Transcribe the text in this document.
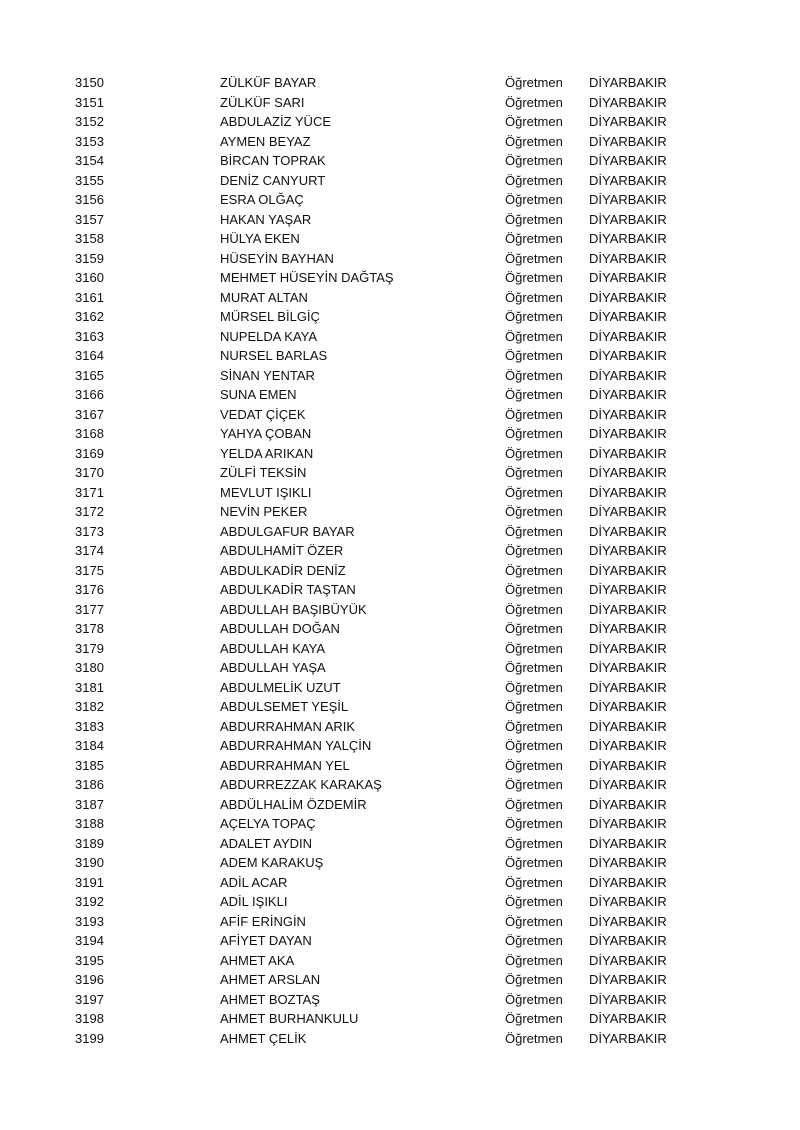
3150	ZÜLKÜF BAYAR	Öğretmen DİYARBAKIR
3151	ZÜLKÜF SARI	Öğretmen DİYARBAKIR
3152	ABDULAZİZ YÜCE	Öğretmen DİYARBAKIR
3153	AYMEN BEYAZ	Öğretmen DİYARBAKIR
3154	BİRCAN TOPRAK	Öğretmen DİYARBAKIR
3155	DENİZ CANYURT	Öğretmen DİYARBAKIR
3156	ESRA OLĞAÇ	Öğretmen DİYARBAKIR
3157	HAKAN YAŞAR	Öğretmen DİYARBAKIR
3158	HÜLYA EKEN	Öğretmen DİYARBAKIR
3159	HÜSEYİN BAYHAN	Öğretmen DİYARBAKIR
3160	MEHMET HÜSEYİN DAĞTAŞ	Öğretmen DİYARBAKIR
3161	MURAT ALTAN	Öğretmen DİYARBAKIR
3162	MÜRSEL BİLGİÇ	Öğretmen DİYARBAKIR
3163	NUPELDA KAYA	Öğretmen DİYARBAKIR
3164	NURSEL BARLAS	Öğretmen DİYARBAKIR
3165	SİNAN YENTAR	Öğretmen DİYARBAKIR
3166	SUNA EMEN	Öğretmen DİYARBAKIR
3167	VEDAT ÇİÇEK	Öğretmen DİYARBAKIR
3168	YAHYA ÇOBAN	Öğretmen DİYARBAKIR
3169	YELDA ARIKAN	Öğretmen DİYARBAKIR
3170	ZÜLFİ TEKSİN	Öğretmen DİYARBAKIR
3171	MEVLUT IŞIKLI	Öğretmen DİYARBAKIR
3172	NEVİN PEKER	Öğretmen DİYARBAKIR
3173	ABDULGAFUR BAYAR	Öğretmen DİYARBAKIR
3174	ABDULHAMİT ÖZER	Öğretmen DİYARBAKIR
3175	ABDULKADİR DENİZ	Öğretmen DİYARBAKIR
3176	ABDULKADİR TAŞTAN	Öğretmen DİYARBAKIR
3177	ABDULLAH BAŞIBÜYÜK	Öğretmen DİYARBAKIR
3178	ABDULLAH DOĞAN	Öğretmen DİYARBAKIR
3179	ABDULLAH KAYA	Öğretmen DİYARBAKIR
3180	ABDULLAH YAŞA	Öğretmen DİYARBAKIR
3181	ABDULMELİK UZUT	Öğretmen DİYARBAKIR
3182	ABDULSEMET YEŞİL	Öğretmen DİYARBAKIR
3183	ABDURRAHMAN ARIK	Öğretmen DİYARBAKIR
3184	ABDURRAHMAN YALÇİN	Öğretmen DİYARBAKIR
3185	ABDURRAHMAN YEL	Öğretmen DİYARBAKIR
3186	ABDURREZZAK KARAKAŞ	Öğretmen DİYARBAKIR
3187	ABDÜLHALİM ÖZDEMİR	Öğretmen DİYARBAKIR
3188	AÇELYA TOPAÇ	Öğretmen DİYARBAKIR
3189	ADALET AYDIN	Öğretmen DİYARBAKIR
3190	ADEM KARAKUŞ	Öğretmen DİYARBAKIR
3191	ADİL ACAR	Öğretmen DİYARBAKIR
3192	ADİL IŞIKLI	Öğretmen DİYARBAKIR
3193	AFİF ERİNGİN	Öğretmen DİYARBAKIR
3194	AFİYET DAYAN	Öğretmen DİYARBAKIR
3195	AHMET AKA	Öğretmen DİYARBAKIR
3196	AHMET ARSLAN	Öğretmen DİYARBAKIR
3197	AHMET BOZTAŞ	Öğretmen DİYARBAKIR
3198	AHMET BURHANKULU	Öğretmen DİYARBAKIR
3199	AHMET ÇELİK	Öğretmen DİYARBAKIR
